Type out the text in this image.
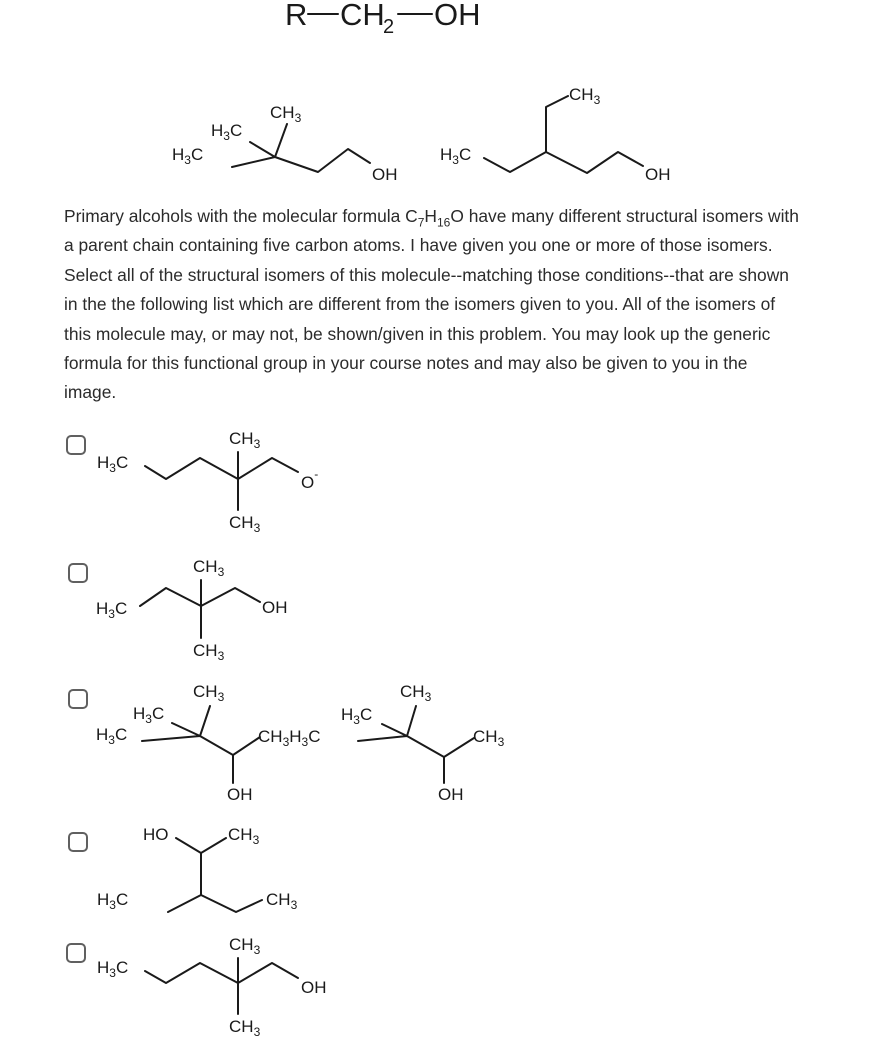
R CH
2 OH
$H_3C$
$H_3C$
$CH_3$
OH
$CH_3$
$H_3C$
OH
$H_3C$
$CH_3$
$CH_3$
O-
$H_3C$
$CH_3$
$CH_3$
OH
$H_3C$
$H_3C$
$CH_3$
OH
$CH_3H_3C$
$H_3C$
$CH_3$
$CH_3$
OH
HO	$CH_3$
$H_3C$	$CH_3$
$H_3C$
$CH_3$
$CH_3$
OH

Primary alcohols with the molecular formula $C_7H_{16}O$ have many different structural isomers with a parent chain containing five carbon atoms. I have given you one or more of those isomers. Select all of the structural isomers of this molecule--matching those conditions--that are shown in the the following list which are different from the isomers given to you. All of the isomers of this molecule may, or may not, be shown/given in this problem. You may look up the generic formula for this functional group in your course notes and may also be given to you in the image.
